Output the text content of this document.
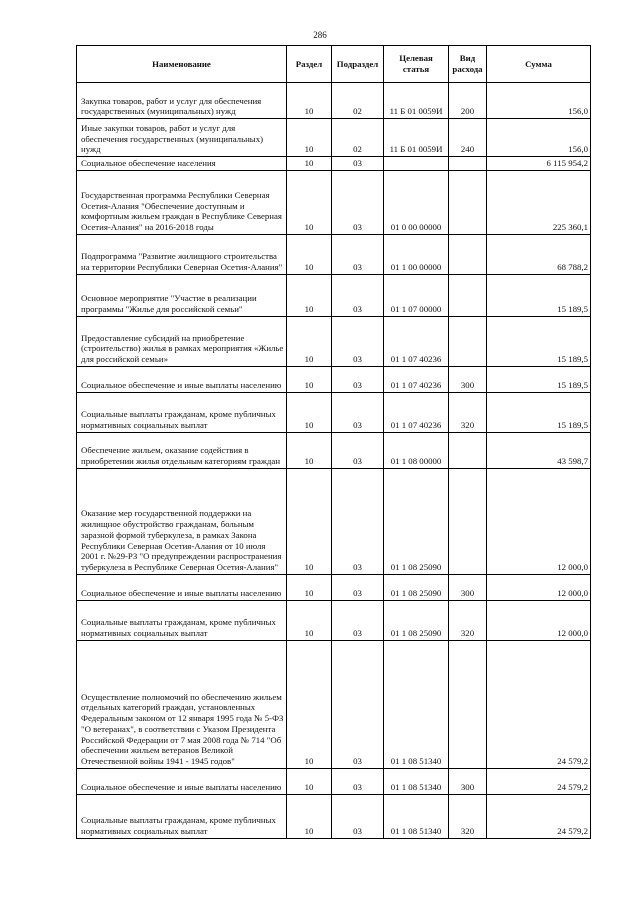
286
Наименование	Раздел	Подраздел	Целевая статья	Вид расхода	Сумма

Закупка товаров, работ и услуг для обеспечения государственных (муниципальных) нужд	10	02	11 Б 01 0059И	200	156,0

Иные закупки товаров, работ и услуг для обеспечения государственных (муниципальных) нужд	10	02	11 Б 01 0059И	240	156,0

Социальное обеспечение населения	10	03			6 115 954,2

Государственная программа Республики Северная Осетия-Алания "Обеспечение доступным и комфортным жильем граждан в Республике Северная Осетия-Алания" на 2016-2018 годы	10	03	01 0 00 00000		225 360,1

Подпрограмма "Развитие жилищного строительства на территории Республики Северная Осетия-Алания"	10	03	01 1 00 00000		68 788,2

Основное мероприятие "Участие в реализации программы "Жилье для российской семьи"	10	03	01 1 07 00000		15 189,5

Предоставление субсидий на приобретение (строительство) жилья в рамках мероприятия «Жилье для российской семьи»	10	03	01 1 07 40236		15 189,5

Социальное обеспечение и иные выплаты населению	10	03	01 1 07 40236	300	15 189,5

Социальные выплаты гражданам, кроме публичных нормативных социальных выплат	10	03	01 1 07 40236	320	15 189,5

Обеспечение жильем, оказание содействия в приобретении жилья отдельным категориям граждан	10	03	01 1 08 00000		43 598,7

Оказание мер государственной поддержки на жилищное обустройство гражданам, больным заразной формой туберкулеза, в рамках Закона Республики Северная Осетия-Алания от 10 июля 2001 г. №29-РЗ "О предупреждении распространения туберкулеза в Республике Северная Осетия-Алания"	10	03	01 1 08 25090		12 000,0

Социальное обеспечение и иные выплаты населению	10	03	01 1 08 25090	300	12 000,0

Социальные выплаты гражданам, кроме публичных нормативных социальных выплат	10	03	01 1 08 25090	320	12 000,0

Осуществление полномочий по обеспечению жильем отдельных категорий граждан, установленных Федеральным законом от 12 января 1995 года № 5-ФЗ "О ветеранах", в соответствии с Указом Президента Российской Федерации от 7 мая 2008 года № 714 "Об обеспечении жильем ветеранов Великой Отечественной войны 1941 - 1945 годов"	10	03	01 1 08 51340		24 579,2

Социальное обеспечение и иные выплаты населению	10	03	01 1 08 51340	300	24 579,2

Социальные выплаты гражданам, кроме публичных нормативных социальных выплат	10	03	01 1 08 51340	320	24 579,2
